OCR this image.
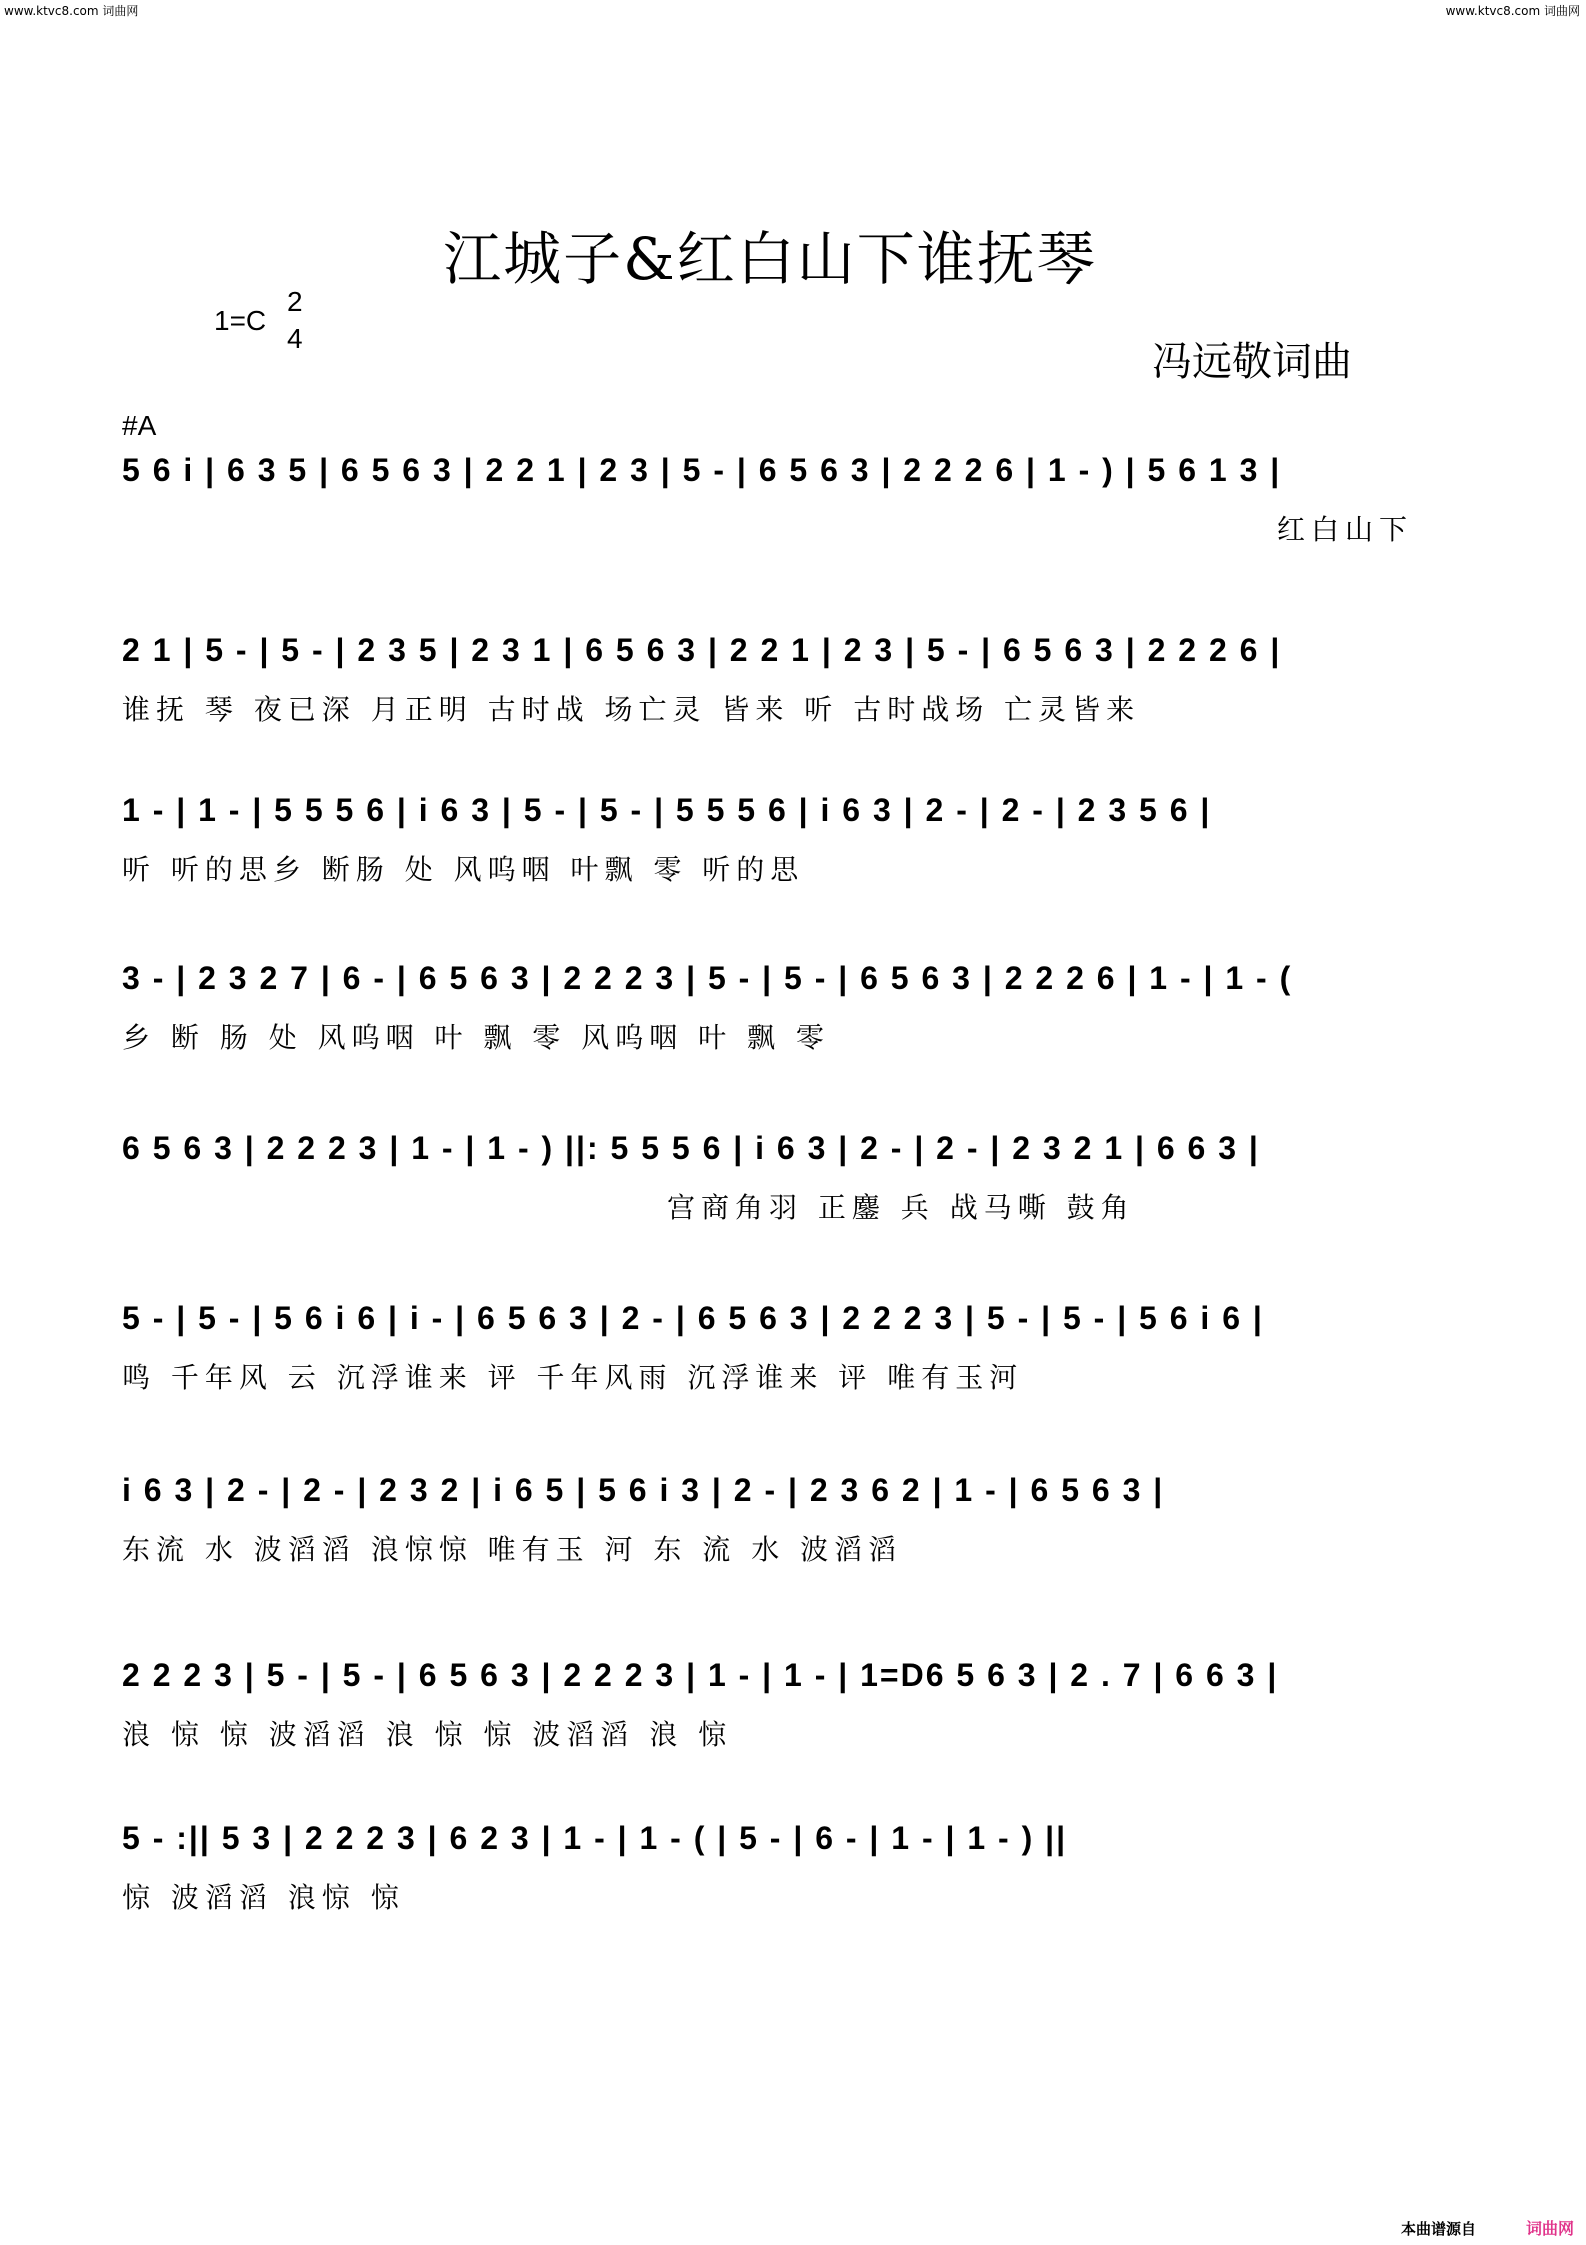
www.ktvc8.com 词曲网	www.ktvc8.com 词曲网
江城子&红白山下谁抚琴
1=C
2
4
冯远敬词曲
#A
5 6 i | 6 3 5 | 6 5 6 3 | 2 2 1 | 2 3 | 5 - | 6 5 6 3 | 2 2 2 6 | 1 - ) | 5 6 1 3 |
红白山下
2 1 | 5 - | 5 - | 2 3 5 | 2 3 1 | 6 5 6 3 | 2 2 1 | 2 3 | 5 - | 6 5 6 3 | 2 2 2 6 |
谁抚 琴 夜已深 月正明 古时战 场亡灵 皆来 听 古时战场 亡灵皆来
1 - | 1 - | 5 5 5 6 | i 6 3 | 5 - | 5 - | 5 5 5 6 | i 6 3 | 2 - | 2 - | 2 3 5 6 |
听 听的思乡 断肠 处 风呜咽 叶飘 零 听的思
3 - | 2 3 2 7 | 6 - | 6 5 6 3 | 2 2 2 3 | 5 - | 5 - | 6 5 6 3 | 2 2 2 6 | 1 - | 1 - (
乡 断 肠 处 风呜咽 叶 飘 零 风呜咽 叶 飘 零
6 5 6 3 | 2 2 2 3 | 1 - | 1 - ) ||: 5 5 5 6 | i 6 3 | 2 - | 2 - | 2 3 2 1 | 6 6 3 |
宫商角羽 正鏖 兵 战马嘶 鼓角
5 - | 5 - | 5 6 i 6 | i - | 6 5 6 3 | 2 - | 6 5 6 3 | 2 2 2 3 | 5 - | 5 - | 5 6 i 6 |
鸣 千年风 云 沉浮谁来 评 千年风雨 沉浮谁来 评 唯有玉河
i 6 3 | 2 - | 2 - | 2 3 2 | i 6 5 | 5 6 i 3 | 2 - | 2 3 6 2 | 1 - | 6 5 6 3 |
东流 水 波滔滔 浪惊惊 唯有玉 河 东 流 水 波滔滔
2 2 2 3 | 5 - | 5 - | 6 5 6 3 | 2 2 2 3 | 1 - | 1 - | 1=D6 5 6 3 | 2 . 7 | 6 6 3 |
浪 惊 惊 波滔滔 浪 惊 惊 波滔滔 浪 惊
5 - :|| 5 3 | 2 2 2 3 | 6 2 3 | 1 - | 1 - ( | 5 - | 6 - | 1 - | 1 - ) ||
惊 波滔滔 浪惊 惊
本曲谱源自	词曲网
